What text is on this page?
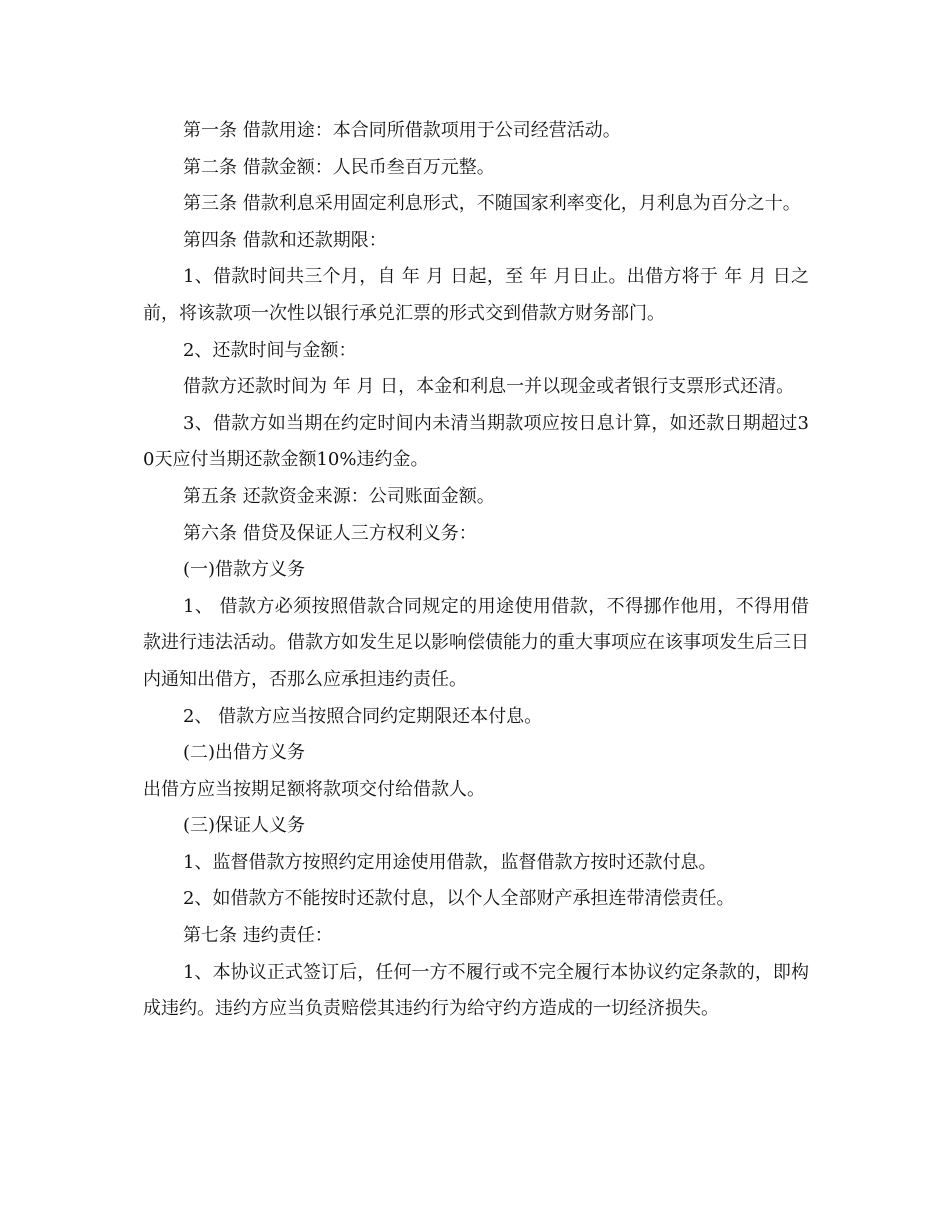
第一条 借款用途：本合同所借款项用于公司经营活动。

第二条 借款金额：人民币叁百万元整。

第三条 借款利息采用固定利息形式，不随国家利率变化，月利息为百分之十。

第四条 借款和还款期限：

1、借款时间共三个月，自 年 月 日起，至 年 月日止。出借方将于 年 月 日之前，将该款项一次性以银行承兑汇票的形式交到借款方财务部门。

2、还款时间与金额：

借款方还款时间为 年 月 日，本金和利息一并以现金或者银行支票形式还清。

3、借款方如当期在约定时间内未清当期款项应按日息计算，如还款日期超过30天应付当期还款金额10%违约金。

第五条 还款资金来源：公司账面金额。

第六条 借贷及保证人三方权利义务：

(一)借款方义务

1、 借款方必须按照借款合同规定的用途使用借款，不得挪作他用，不得用借款进行违法活动。借款方如发生足以影响偿债能力的重大事项应在该事项发生后三日内通知出借方，否那么应承担违约责任。

2、 借款方应当按照合同约定期限还本付息。

(二)出借方义务

出借方应当按期足额将款项交付给借款人。

(三)保证人义务

1、监督借款方按照约定用途使用借款，监督借款方按时还款付息。

2、如借款方不能按时还款付息，以个人全部财产承担连带清偿责任。

第七条 违约责任：

1、本协议正式签订后，任何一方不履行或不完全履行本协议约定条款的，即构成违约。违约方应当负责赔偿其违约行为给守约方造成的一切经济损失。
